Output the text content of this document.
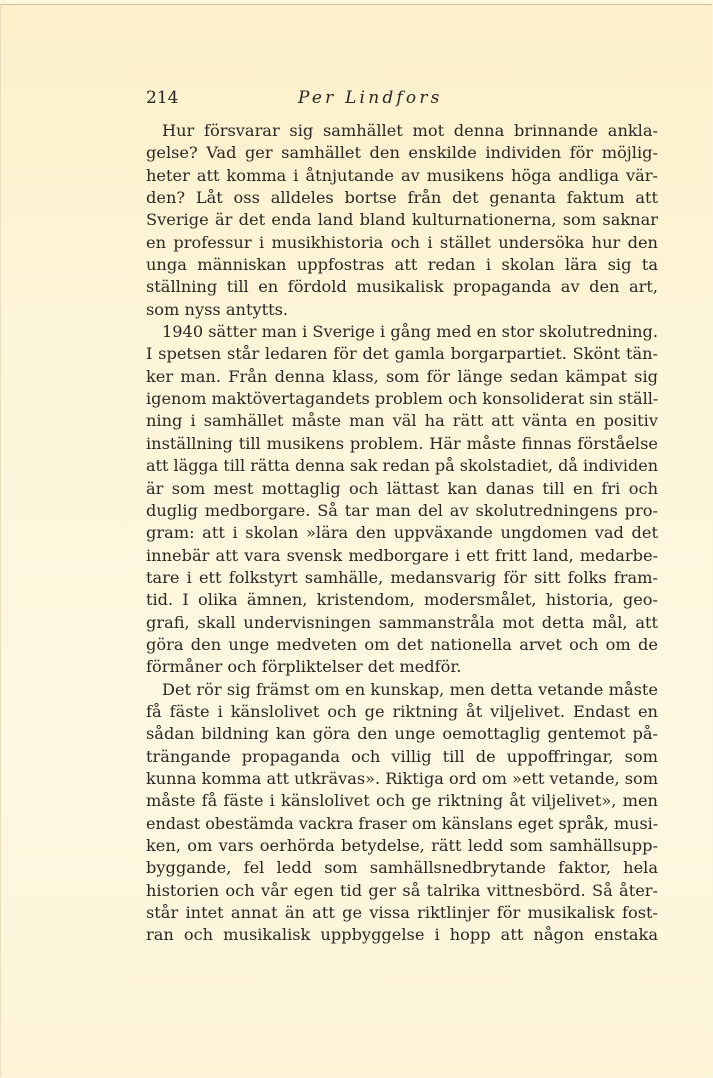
214	Per Lindfors
Hur försvarar sig samhället mot denna brinnande ankla-
gelse? Vad ger samhället den enskilde individen för möjlig-
heter att komma i åtnjutande av musikens höga andliga vär-
den? Låt oss alldeles bortse från det genanta faktum att
Sverige är det enda land bland kulturnationerna, som saknar
en professur i musikhistoria och i stället undersöka hur den
unga människan uppfostras att redan i skolan lära sig ta
ställning till en fördold musikalisk propaganda av den art,
som nyss antytts.
1940 sätter man i Sverige i gång med en stor skolutredning.
I spetsen står ledaren för det gamla borgarpartiet. Skönt tän-
ker man. Från denna klass, som för länge sedan kämpat sig
igenom maktövertagandets problem och konsoliderat sin ställ-
ning i samhället måste man väl ha rätt att vänta en positiv
inställning till musikens problem. Här måste finnas förståelse
att lägga till rätta denna sak redan på skolstadiet, då individen
är som mest mottaglig och lättast kan danas till en fri och
duglig medborgare. Så tar man del av skolutredningens pro-
gram: att i skolan »lära den uppväxande ungdomen vad det
innebär att vara svensk medborgare i ett fritt land, medarbe-
tare i ett folkstyrt samhälle, medansvarig för sitt folks fram-
tid. I olika ämnen, kristendom, modersmålet, historia, geo-
grafi, skall undervisningen sammanstråla mot detta mål, att
göra den unge medveten om det nationella arvet och om de
förmåner och förpliktelser det medför.
Det rör sig främst om en kunskap, men detta vetande måste
få fäste i känslolivet och ge riktning åt viljelivet. Endast en
sådan bildning kan göra den unge oemottaglig gentemot på-
trängande propaganda och villig till de uppoffringar, som
kunna komma att utkrävas». Riktiga ord om »ett vetande, som
måste få fäste i känslolivet och ge riktning åt viljelivet», men
endast obestämda vackra fraser om känslans eget språk, musi-
ken, om vars oerhörda betydelse, rätt ledd som samhällsupp-
byggande, fel ledd som samhällsnedbrytande faktor, hela
historien och vår egen tid ger så talrika vittnesbörd. Så åter-
står intet annat än att ge vissa riktlinjer för musikalisk fost-
ran och musikalisk uppbyggelse i hopp att någon enstaka
